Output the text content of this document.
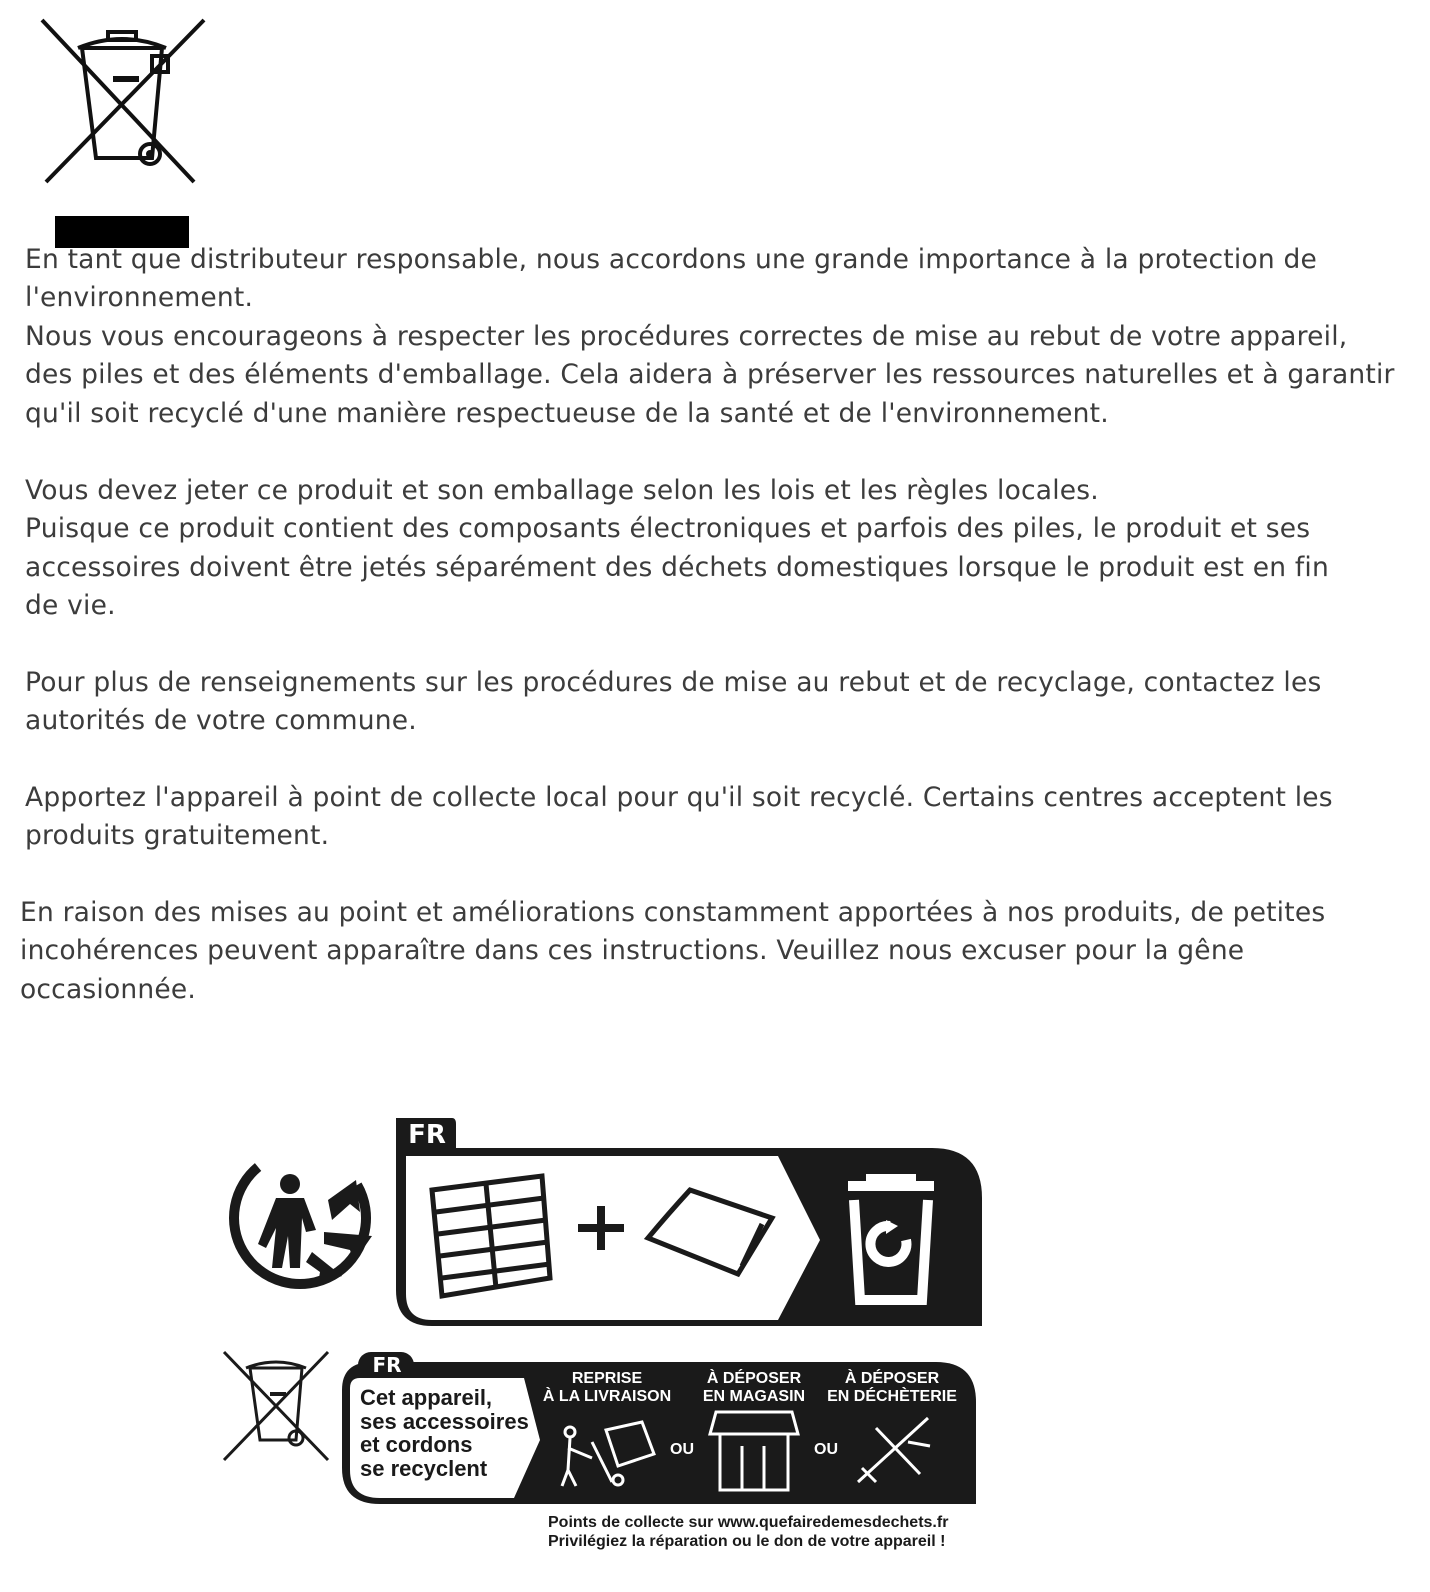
En tant que distributeur responsable, nous accordons une grande importance à la protection de
l'environnement.
Nous vous encourageons à respecter les procédures correctes de mise au rebut de votre appareil,
des piles et des éléments d'emballage. Cela aidera à préserver les ressources naturelles et à garantir
qu'il soit recyclé d'une manière respectueuse de la santé et de l'environnement.

Vous devez jeter ce produit et son emballage selon les lois et les règles locales.
Puisque ce produit contient des composants électroniques et parfois des piles, le produit et ses
accessoires doivent être jetés séparément des déchets domestiques lorsque le produit est en fin
de vie.

Pour plus de renseignements sur les procédures de mise au rebut et de recyclage, contactez les
autorités de votre commune.

Apportez l'appareil à point de collecte local pour qu'il soit recyclé. Certains centres acceptent les
produits gratuitement.

En raison des mises au point et améliorations constamment apportées à nos produits, de petites
incohérences peuvent apparaître dans ces instructions. Veuillez nous excuser pour la gêne
occasionnée.

FR
FR
Cet appareil,
ses accessoires
et cordons
se recyclent
REPRISE
À LA LIVRAISON
À DÉPOSER
EN MAGASIN
À DÉPOSER
EN DÉCHÈTERIE
OU	OU
Points de collecte sur www.quefairedemesdechets.fr
Privilégiez la réparation ou le don de votre appareil !
